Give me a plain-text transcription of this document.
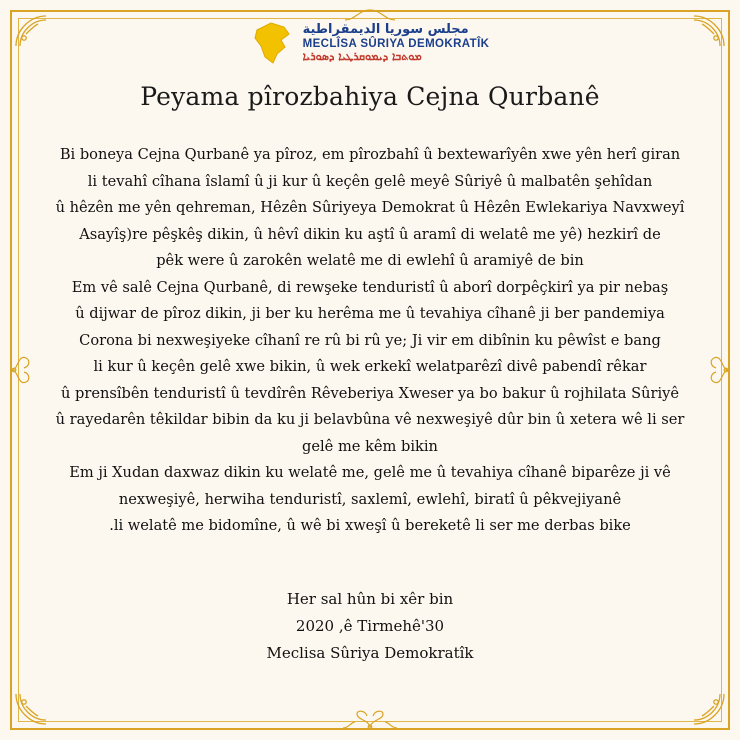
مجلس سوريا الديمقراطية
MECLÎSA SÛRIYA DEMOKRATÎK
ܡܘܬܒܐ ܕܝܡܘܩܪܛܝܐ ܕܣܘܪܝܐ
Peyama pîrozbahiya Cejna Qurbanê

Bi boneya Cejna Qurbanê ya pîroz, em pîrozbahî û bextewarîyên xwe yên herî giran

li tevahî cîhana îslamî û ji kur û keçên gelê meyê Sûriyê û malbatên şehîdan

û hêzên me yên qehreman, Hêzên Sûriyeya Demokrat û Hêzên Ewlekariya Navxweyî

Asayîş)re pêşkêş dikin, û hêvî dikin ku aştî û aramî di welatê me yê) hezkirî de

pêk were û zarokên welatê me di ewlehî û aramiyê de bin

Em vê salê Cejna Qurbanê, di rewşeke tenduristî û aborî dorpêçkirî ya pir nebaş

û dijwar de pîroz dikin, ji ber ku herêma me û tevahiya cîhanê ji ber pandemiya

Corona bi nexweşiyeke cîhanî re rû bi rû ye; Ji vir em dibînin ku pêwîst e bang

li kur û keçên gelê xwe bikin, û wek erkekî welatparêzî divê pabendî rêkar

û prensîbên tenduristî û tevdîrên Rêveberiya Xweser ya bo bakur û rojhilata Sûriyê

û rayedarên têkildar bibin da ku ji belavbûna vê nexweşiyê dûr bin û xetera wê li ser

gelê me kêm bikin

Em ji Xudan daxwaz dikin ku welatê me, gelê me û tevahiya cîhanê biparêze ji vê

nexweşiyê, herwiha tenduristî, saxlemî, ewlehî, biratî û pêkvejiyanê

.li welatê me bidomîne, û wê bi xweşî û bereketê li ser me derbas bike

Her sal hûn bi xêr bin

2020 ,ê Tirmehê'30

Meclisa Sûriya Demokratîk
